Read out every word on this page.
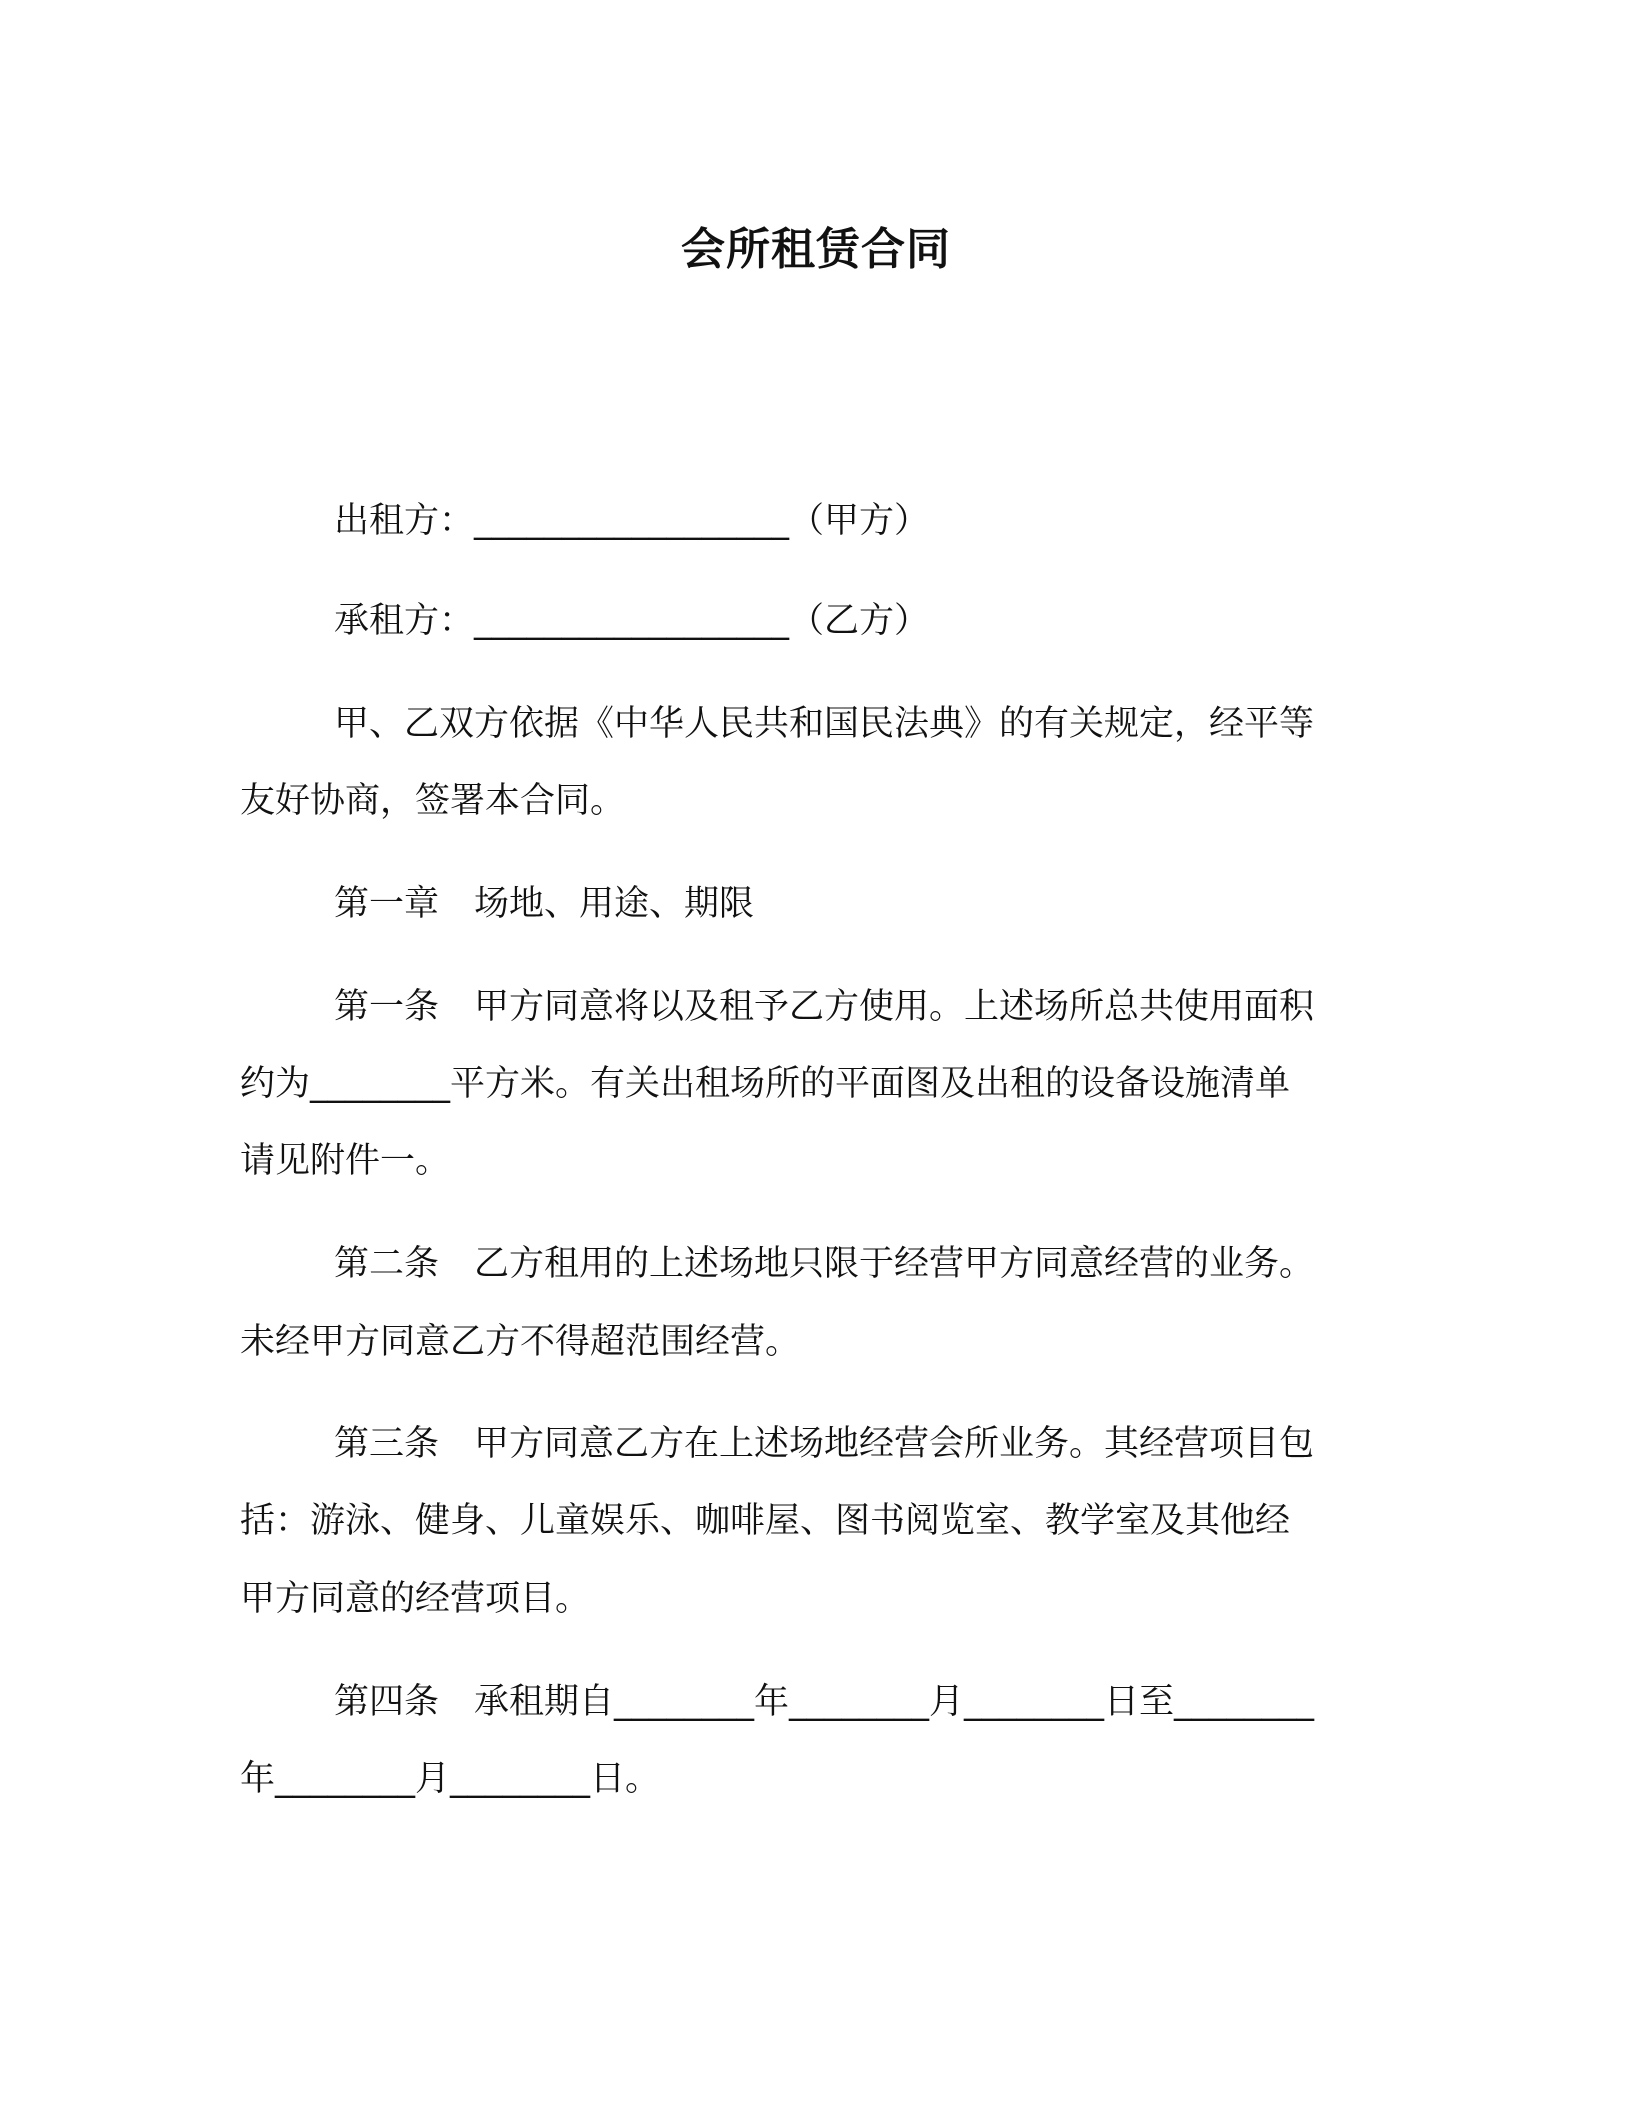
会所租赁合同
出租方：__________________（甲方）
承租方：__________________（乙方）
甲、乙双方依据《中华人民共和国民法典》的有关规定，经平等
友好协商，签署本合同。
第一章　场地、用途、期限
第一条　甲方同意将以及租予乙方使用。上述场所总共使用面积
约为________平方米。有关出租场所的平面图及出租的设备设施清单
请见附件一。
第二条　乙方租用的上述场地只限于经营甲方同意经营的业务。
未经甲方同意乙方不得超范围经营。
第三条　甲方同意乙方在上述场地经营会所业务。其经营项目包
括：游泳、健身、儿童娱乐、咖啡屋、图书阅览室、教学室及其他经
甲方同意的经营项目。
第四条　承租期自________年________月________日至________
年________月________日。
